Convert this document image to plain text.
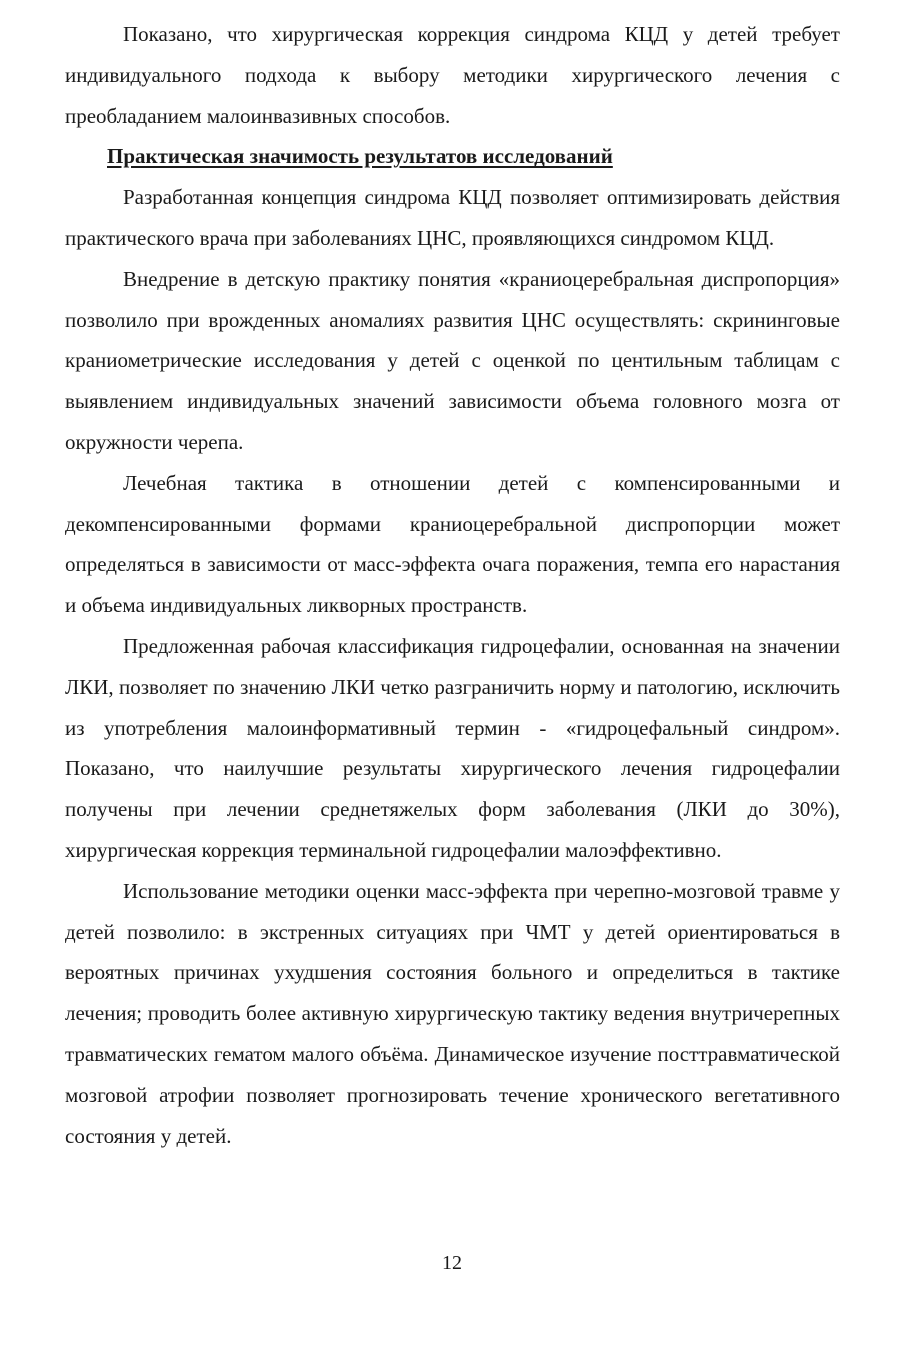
Показано, что хирургическая коррекция синдрома КЦД у детей требует индивидуального подхода к выбору методики хирургического лечения с преобладанием малоинвазивных способов.

Практическая значимость результатов исследований

Разработанная концепция синдрома КЦД позволяет оптимизировать действия практического врача при заболеваниях ЦНС, проявляющихся синдромом КЦД.

Внедрение в детскую практику понятия «краниоцеребральная диспропорция» позволило при врожденных аномалиях развития ЦНС осуществлять: скрининговые краниометрические исследования у детей с оценкой по центильным таблицам с выявлением индивидуальных значений зависимости объема головного мозга от окружности черепа.

Лечебная тактика в отношении детей с компенсированными и декомпенсированными формами краниоцеребральной диспропорции может определяться в зависимости от масс-эффекта очага поражения, темпа его нарастания и объема индивидуальных ликворных пространств.

Предложенная рабочая классификация гидроцефалии, основанная на значении ЛКИ, позволяет по значению ЛКИ четко разграничить норму и патологию, исключить из употребления малоинформативный термин - «гидроцефальный синдром». Показано, что наилучшие результаты хирургического лечения гидроцефалии получены при лечении среднетяжелых форм заболевания (ЛКИ до 30%), хирургическая коррекция терминальной гидроцефалии малоэффективно.

Использование методики оценки масс-эффекта при черепно-мозговой травме у детей позволило: в экстренных ситуациях при ЧМТ у детей ориентироваться в вероятных причинах ухудшения состояния больного и определиться в тактике лечения; проводить более активную хирургическую тактику ведения внутричерепных травматических гематом малого объёма. Динамическое изучение посттравматической мозговой атрофии позволяет прогнозировать течение хронического вегетативного состояния у детей.

12
